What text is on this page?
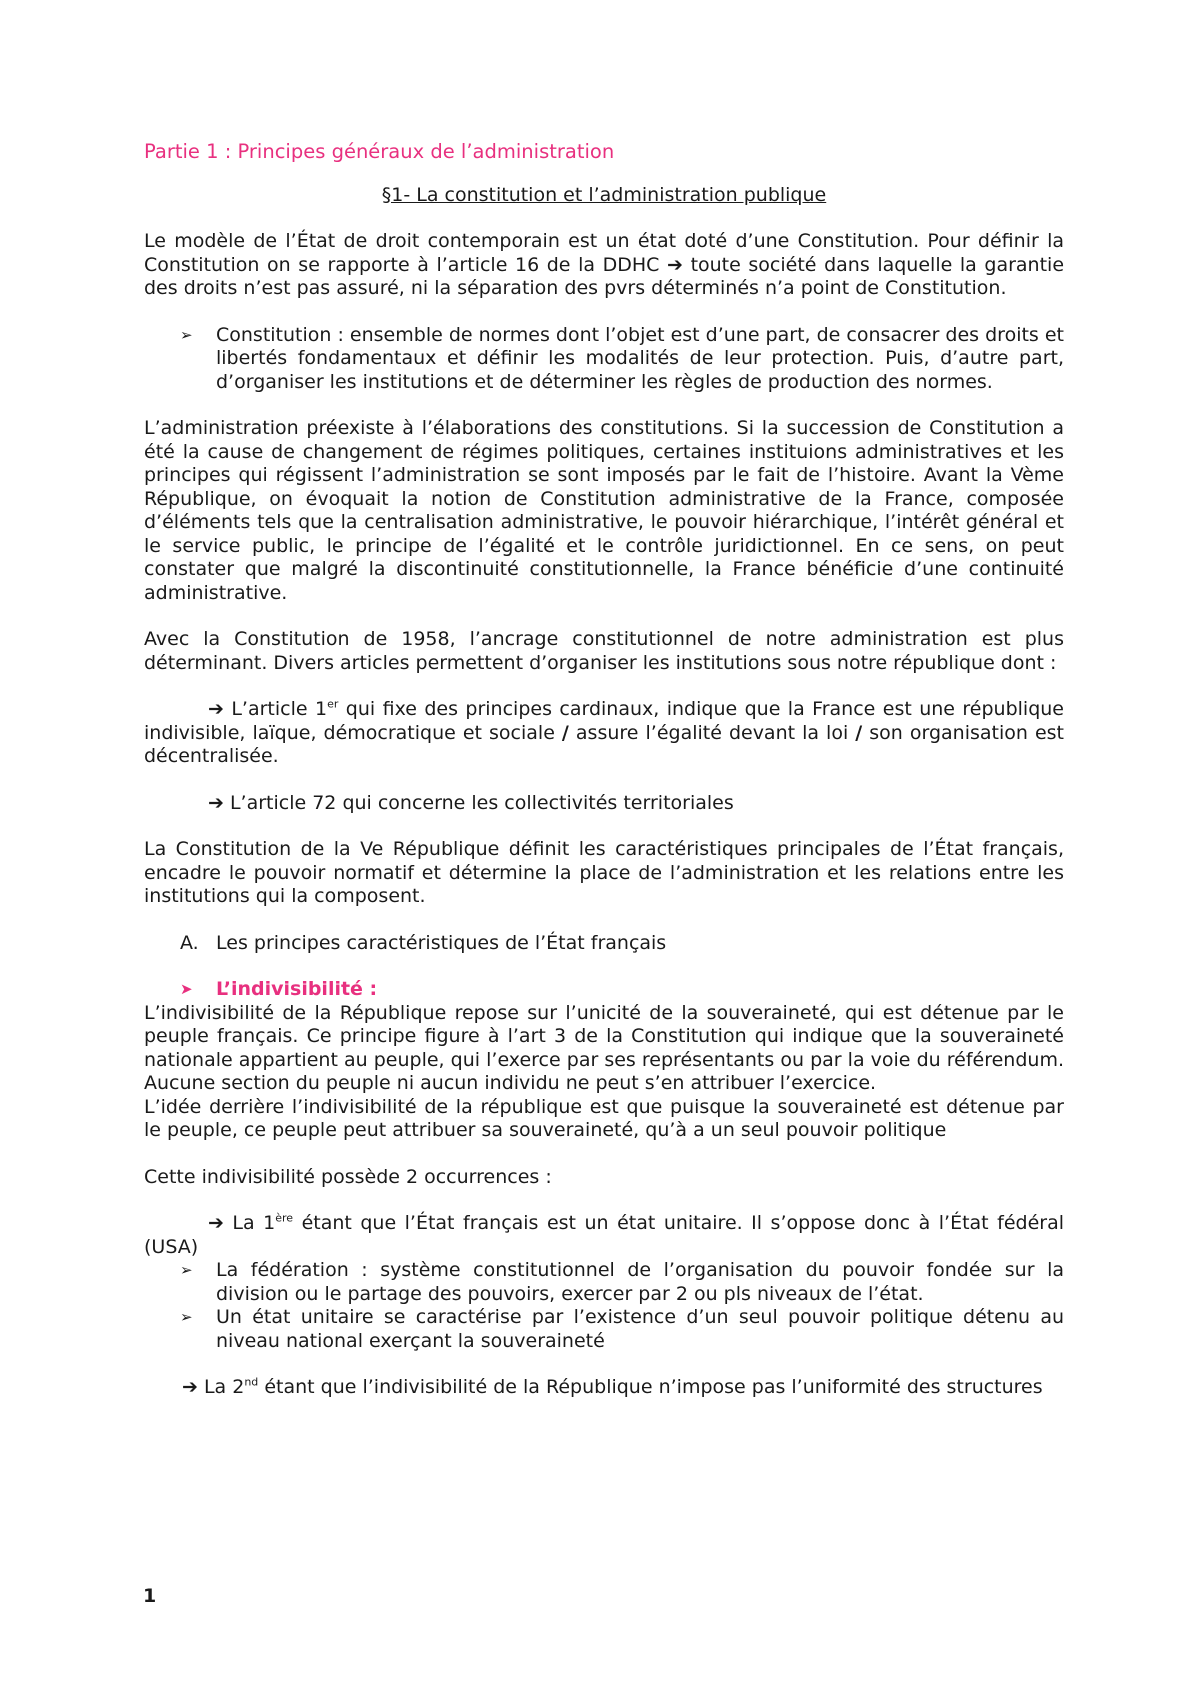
Partie 1 : Principes généraux de l’administration

§1- La constitution et l’administration publique

Le modèle de l’État de droit contemporain est un état doté d’une Constitution. Pour définir la Constitution on se rapporte à l’article 16 de la DDHC ➔ toute société dans laquelle la garantie des droits n’est pas assuré, ni la séparation des pvrs déterminés n’a point de Constitution.

➢	Constitution : ensemble de normes dont l’objet est d’une part, de consacrer des droits et libertés fondamentaux et définir les modalités de leur protection. Puis, d’autre part, d’organiser les institutions et de déterminer les règles de production des normes.

L’administration préexiste à l’élaborations des constitutions. Si la succession de Constitution a été la cause de changement de régimes politiques, certaines instituions administratives et les principes qui régissent l’administration se sont imposés par le fait de l’histoire. Avant la Vème République, on évoquait la notion de Constitution administrative de la France, composée d’éléments tels que la centralisation administrative, le pouvoir hiérarchique, l’intérêt général et le service public, le principe de l’égalité et le contrôle juridictionnel. En ce sens, on peut constater que malgré la discontinuité constitutionnelle, la France bénéficie d’une continuité administrative.

Avec la Constitution de 1958, l’ancrage constitutionnel de notre administration est plus déterminant. Divers articles permettent d’organiser les institutions sous notre république dont :

➔ L’article 1er qui fixe des principes cardinaux, indique que la France est une république indivisible, laïque, démocratique et sociale / assure l’égalité devant la loi / son organisation est décentralisée.

➔ L’article 72 qui concerne les collectivités territoriales

La Constitution de la Ve République définit les caractéristiques principales de l’État français, encadre le pouvoir normatif et détermine la place de l’administration et les relations entre les institutions qui la composent.

A. Les principes caractéristiques de l’État français
➤	L’indivisibilité :

L’indivisibilité de la République repose sur l’unicité de la souveraineté, qui est détenue par le peuple français. Ce principe figure à l’art 3 de la Constitution qui indique que la souveraineté nationale appartient au peuple, qui l’exerce par ses représentants ou par la voie du référendum. Aucune section du peuple ni aucun individu ne peut s’en attribuer l’exercice.

L’idée derrière l’indivisibilité de la république est que puisque la souveraineté est détenue par le peuple, ce peuple peut attribuer sa souveraineté, qu’à a un seul pouvoir politique

Cette indivisibilité possède 2 occurrences :

➔ La 1ère étant que l’État français est un état unitaire. Il s’oppose donc à l’État fédéral (USA)

➢	La fédération : système constitutionnel de l’organisation du pouvoir fondée sur la division ou le partage des pouvoirs, exercer par 2 ou pls niveaux de l’état.
➢	Un état unitaire se caractérise par l’existence d’un seul pouvoir politique détenu au niveau national exerçant la souveraineté

➔ La 2nd étant que l’indivisibilité de la République n’impose pas l’uniformité des structures

1
